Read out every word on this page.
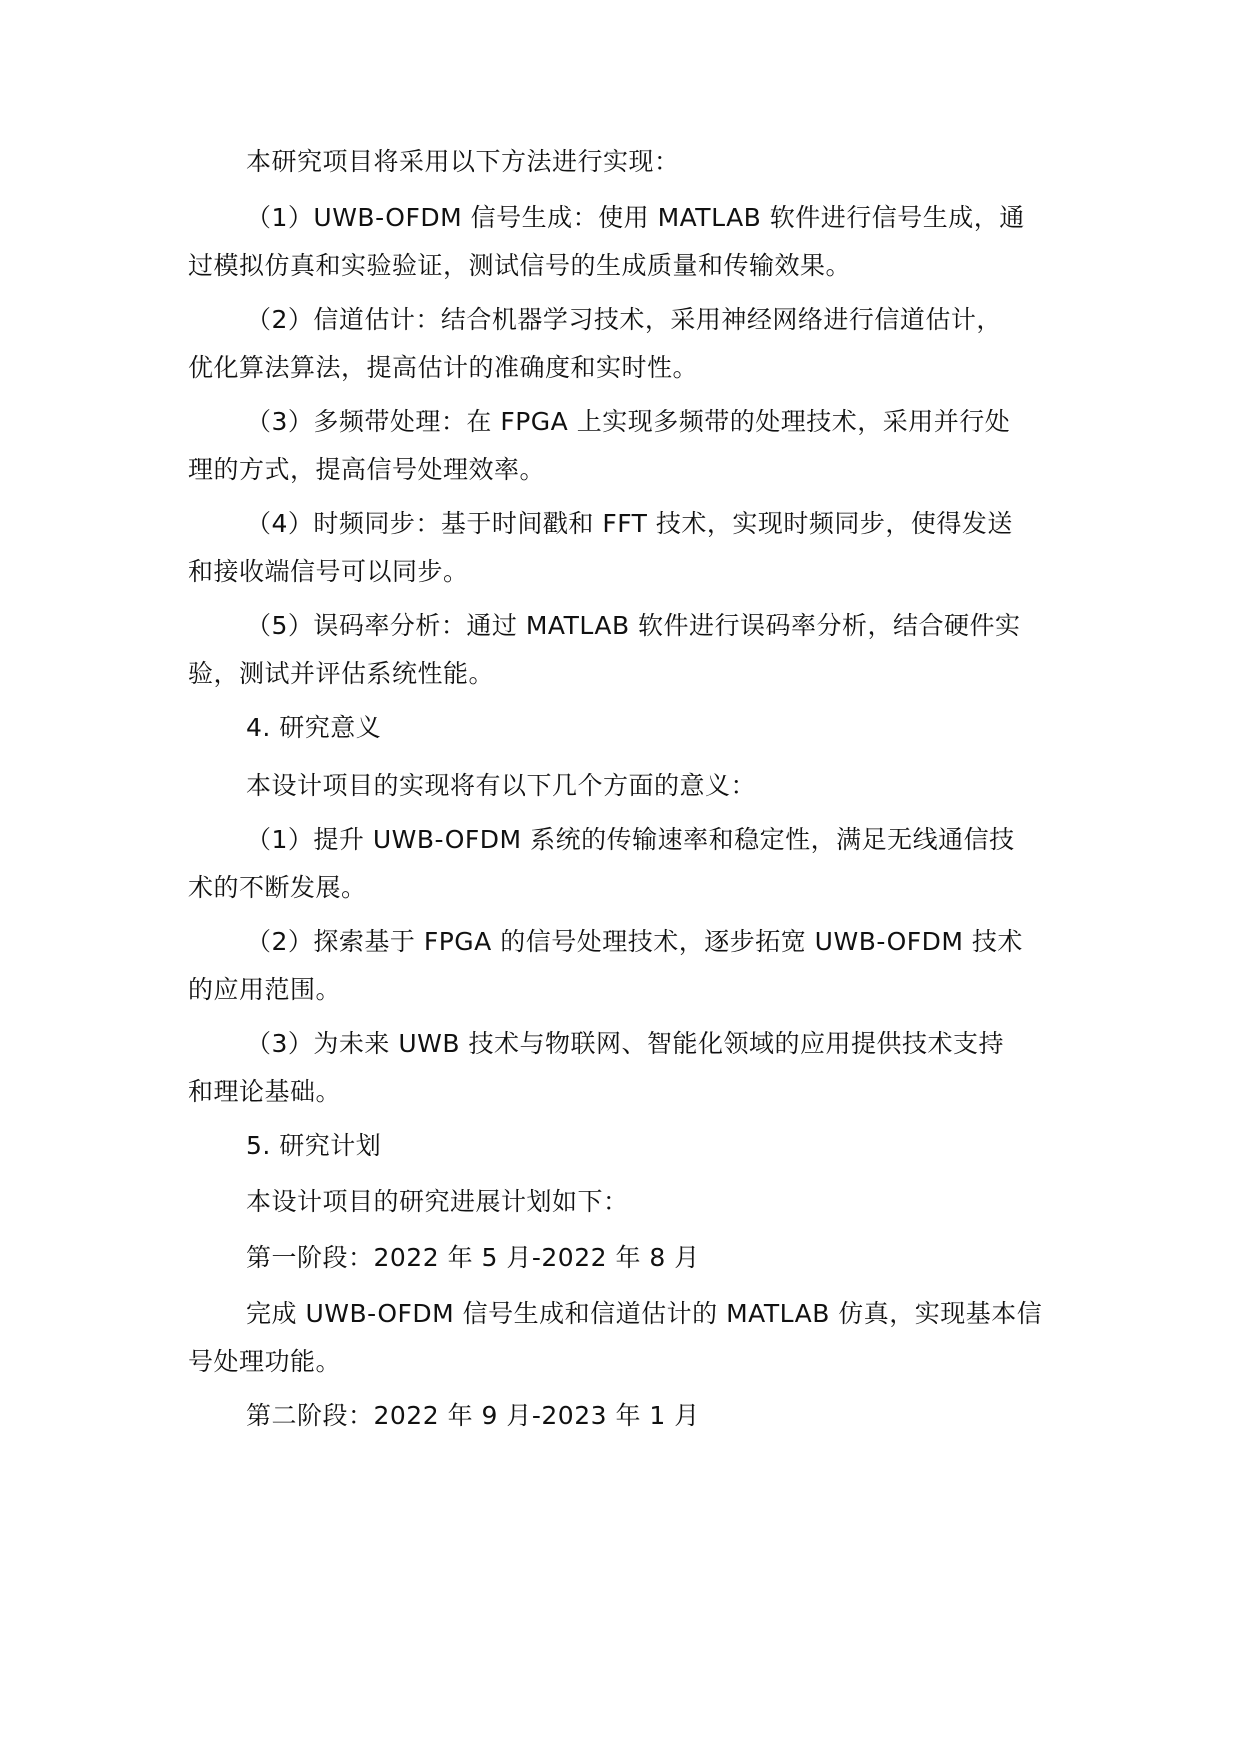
本研究项目将采用以下方法进行实现：
（1）UWB-OFDM 信号生成：使用 MATLAB 软件进行信号生成，通
过模拟仿真和实验验证，测试信号的生成质量和传输效果。
（2）信道估计：结合机器学习技术，采用神经网络进行信道估计，
优化算法算法，提高估计的准确度和实时性。
（3）多频带处理：在 FPGA 上实现多频带的处理技术，采用并行处
理的方式，提高信号处理效率。
（4）时频同步：基于时间戳和 FFT 技术，实现时频同步，使得发送
和接收端信号可以同步。
（5）误码率分析：通过 MATLAB 软件进行误码率分析，结合硬件实
验，测试并评估系统性能。
4. 研究意义
本设计项目的实现将有以下几个方面的意义：
（1）提升 UWB-OFDM 系统的传输速率和稳定性，满足无线通信技
术的不断发展。
（2）探索基于 FPGA 的信号处理技术，逐步拓宽 UWB-OFDM 技术
的应用范围。
（3）为未来 UWB 技术与物联网、智能化领域的应用提供技术支持
和理论基础。
5. 研究计划
本设计项目的研究进展计划如下：
第一阶段：2022 年 5 月-2022 年 8 月
完成 UWB-OFDM 信号生成和信道估计的 MATLAB 仿真，实现基本信
号处理功能。
第二阶段：2022 年 9 月-2023 年 1 月
